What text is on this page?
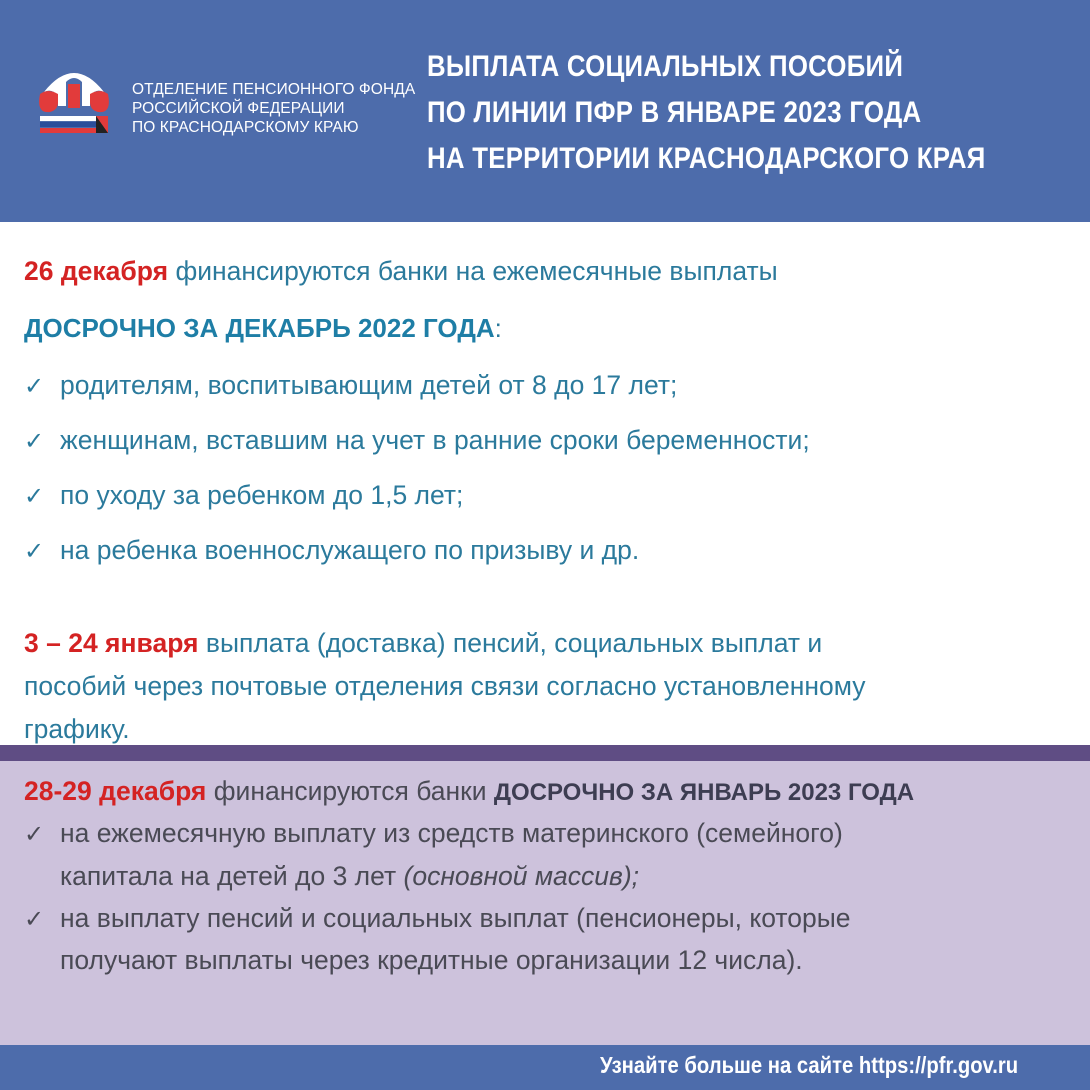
ОТДЕЛЕНИЕ ПЕНСИОННОГО ФОНДА
РОССИЙСКОЙ ФЕДЕРАЦИИ
ПО КРАСНОДАРСКОМУ КРАЮ
ВЫПЛАТА СОЦИАЛЬНЫХ ПОСОБИЙ
ПО ЛИНИИ ПФР В ЯНВАРЕ 2023 ГОДА
НА ТЕРРИТОРИИ КРАСНОДАРСКОГО КРАЯ
26 декабря финансируются банки на ежемесячные выплаты
ДОСРОЧНО ЗА ДЕКАБРЬ 2022 ГОДА:
✓ родителям, воспитывающим детей от 8 до 17 лет;
✓ женщинам, вставшим на учет в ранние сроки беременности;
✓ по уходу за ребенком до 1,5 лет;
✓ на ребенка военнослужащего по призыву и др.
3 – 24 января выплата (доставка) пенсий, социальных выплат и
пособий через почтовые отделения связи согласно установленному
графику.
28-29 декабря финансируются банки ДОСРОЧНО ЗА ЯНВАРЬ 2023 ГОДА
✓ на ежемесячную выплату из средств материнского (семейного)
капитала на детей до 3 лет (основной массив);
✓ на выплату пенсий и социальных выплат (пенсионеры, которые
получают выплаты через кредитные организации 12 числа).
Узнайте больше на сайте https://pfr.gov.ru
